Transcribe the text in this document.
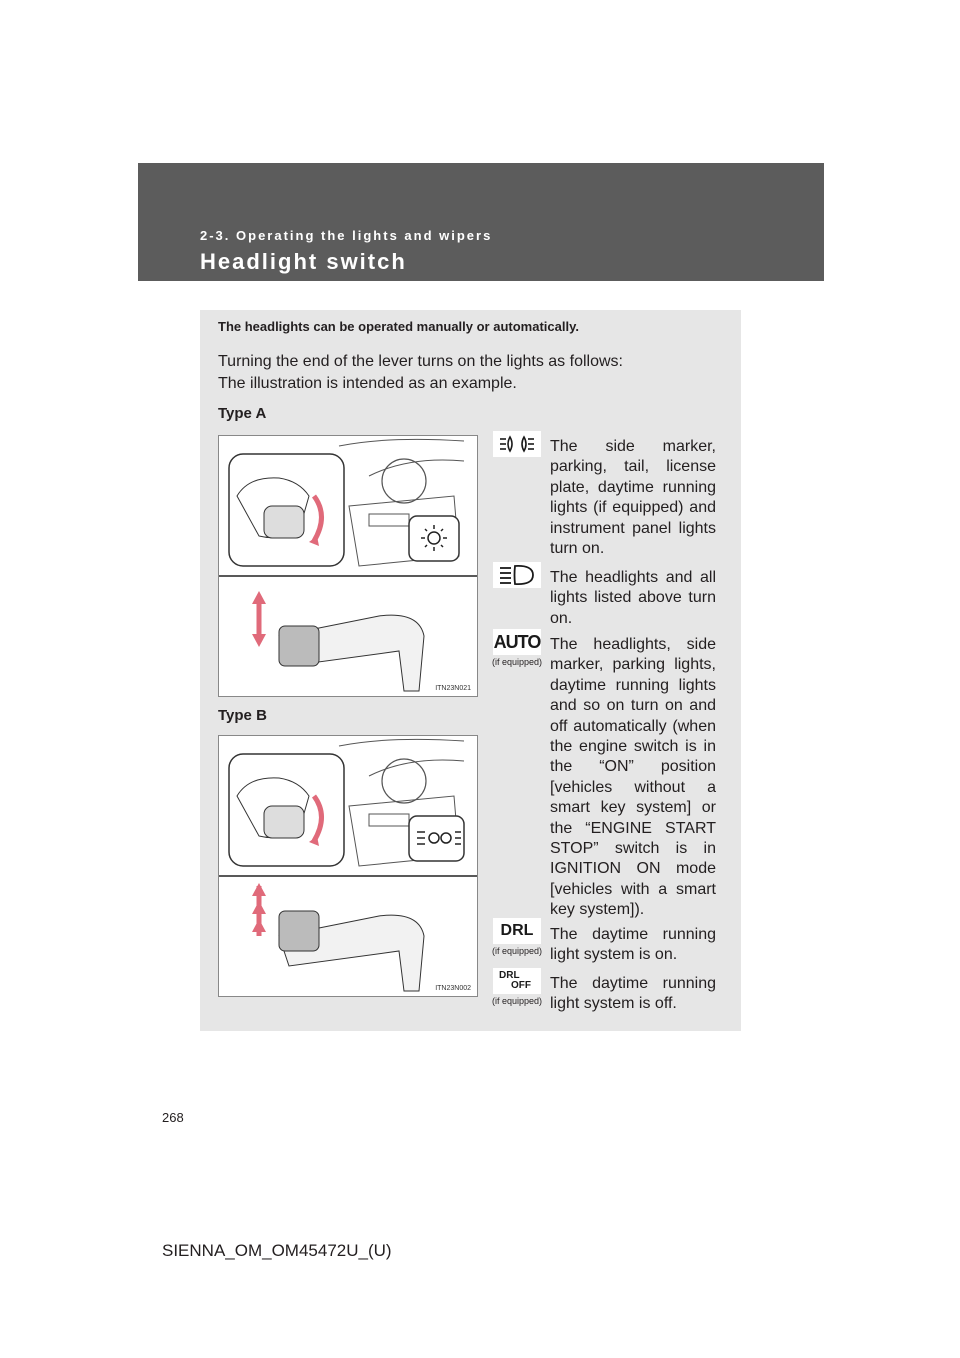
2-3. Operating the lights and wipers
Headlight switch
The headlights can be operated manually or automatically.
Turning the end of the lever turns on the lights as follows:
The illustration is intended as an example.
Type A
ITN23N021
Type B
ITN23N002
The side marker, parking, tail, license plate, daytime running lights (if equipped) and instrument panel lights turn on.
The headlights and all lights listed above turn on.
AUTO
(if equipped)
The headlights, side marker, parking lights, daytime running lights and so on turn on and off automatically (when the engine switch is in the “ON” position [vehicles without a smart key system] or the “ENGINE START STOP” switch is in IGNITION ON mode [vehicles with a smart key system]).
DRL
(if equipped)
The daytime running light system is on.
DRL
OFF
(if equipped)
The daytime running light system is off.
268
SIENNA_OM_OM45472U_(U)
